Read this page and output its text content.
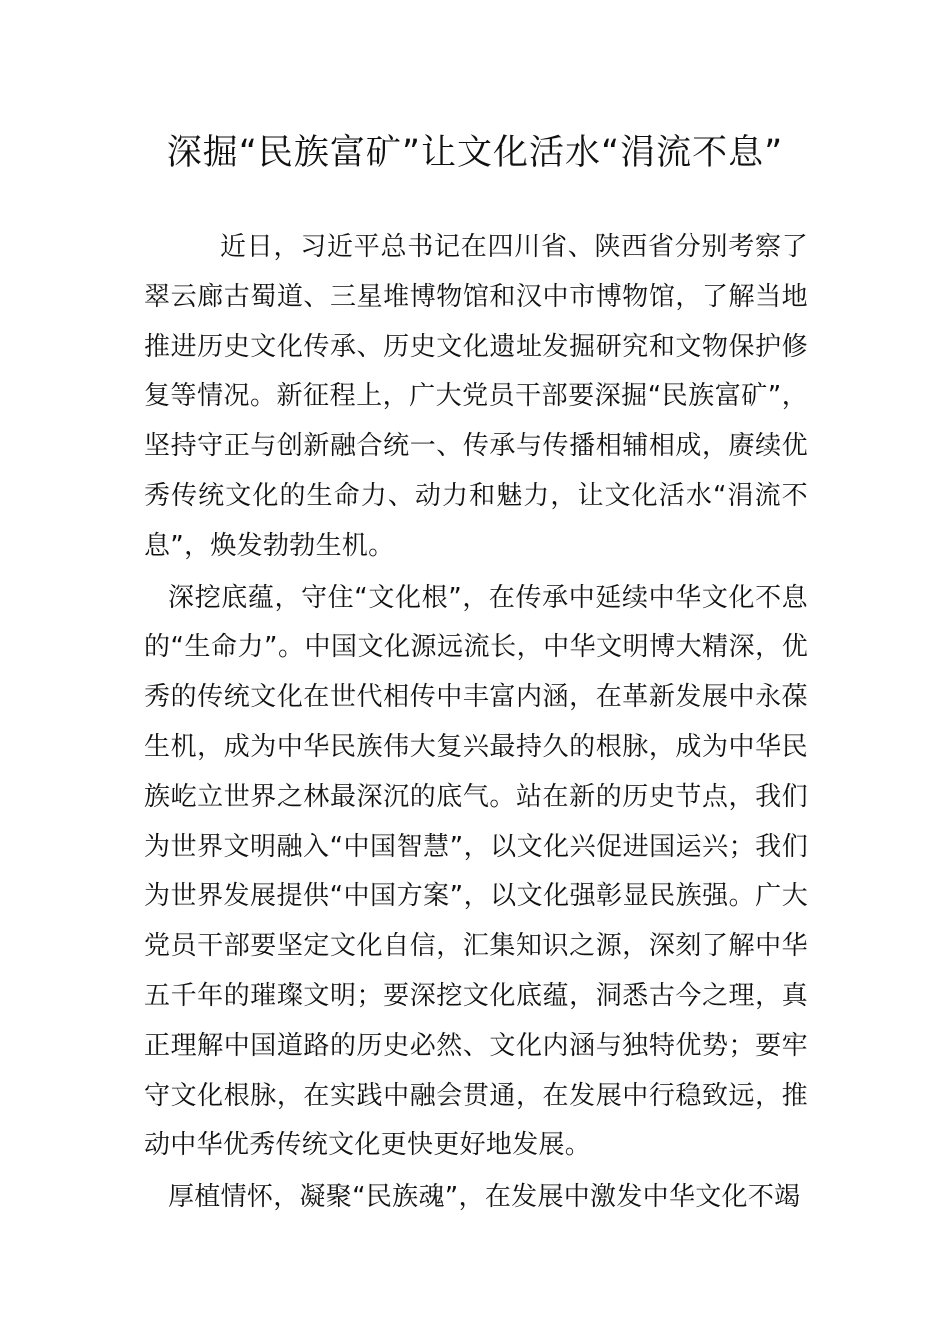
深掘“民族富矿”让文化活水“涓流不息”

近日，习近平总书记在四川省、陕西省分别考察了翠云廊古蜀道、三星堆博物馆和汉中市博物馆，了解当地推进历史文化传承、历史文化遗址发掘研究和文物保护修复等情况。新征程上，广大党员干部要深掘“民族富矿”，坚持守正与创新融合统一、传承与传播相辅相成，赓续优秀传统文化的生命力、动力和魅力，让文化活水“涓流不息”，焕发勃勃生机。

深挖底蕴，守住“文化根”，在传承中延续中华文化不息的“生命力”。中国文化源远流长，中华文明博大精深，优秀的传统文化在世代相传中丰富内涵，在革新发展中永葆生机，成为中华民族伟大复兴最持久的根脉，成为中华民族屹立世界之林最深沉的底气。站在新的历史节点，我们为世界文明融入“中国智慧”，以文化兴促进国运兴；我们为世界发展提供“中国方案”，以文化强彰显民族强。广大党员干部要坚定文化自信，汇集知识之源，深刻了解中华五千年的璀璨文明；要深挖文化底蕴，洞悉古今之理，真正理解中国道路的历史必然、文化内涵与独特优势；要牢守文化根脉，在实践中融会贯通，在发展中行稳致远，推动中华优秀传统文化更快更好地发展。

厚植情怀，凝聚“民族魂”，在发展中激发中华文化不竭
